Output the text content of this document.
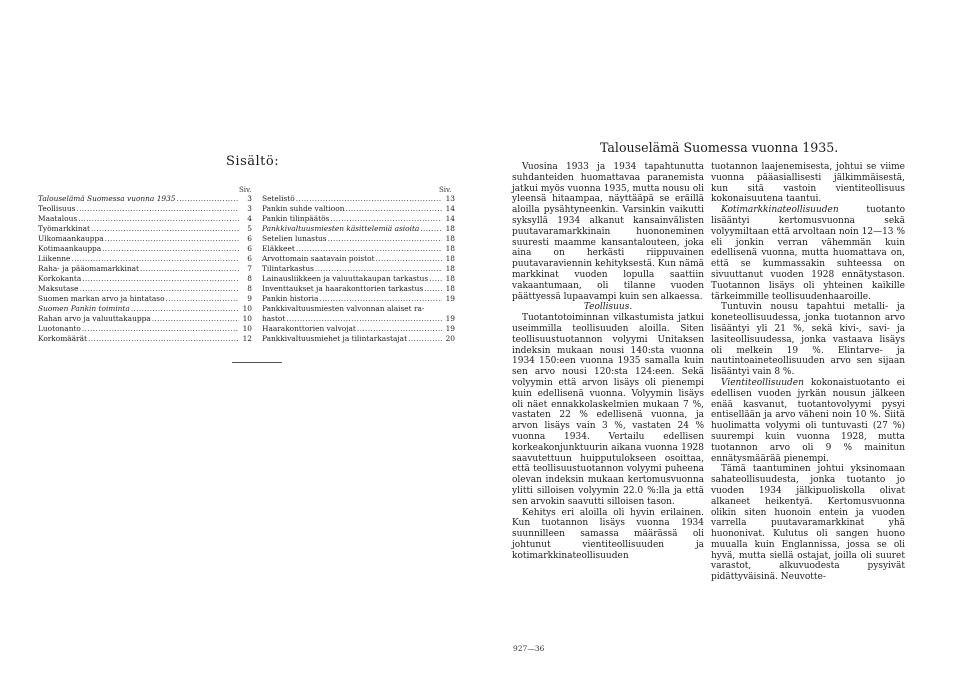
Sisältö:
Siv.	Siv.
Talouselämä Suomessa vuonna 1935 . . .	3
Teollisuus . . .	3
Maatalous . . .	4
Työmarkkinat . . .	5
Ulkomaankauppa . . .	6
Kotimaankauppa . . .	6
Liikenne . . .	6
Raha- ja pääomamarkkinat . . .	7
Korkokanta . . .	8
Maksutase . . .	8
Suomen markan arvo ja hintataso . . .	9
Suomen Pankin toiminta . . .	10
Rahan arvo ja valuuttakauppa . . .	10
Luotonanto . . .	10
Korkomäärät . . .	12
Setelistö . . .	13
Pankin suhde valtioon . . .	14
Pankin tilinpäätös . . .	14
Pankkivaltuusmiesten käsittelemiä asioita . . .	18
Setelien lunastus . . .	18
Eläkkeet . . .	18
Arvottomain saatavain poistot . . .	18
Tilintarkastus . . .	18
Lainausliikkeen ja valuuttakaupan tarkastus . . .	18
Inventtaukset ja haarakonttorien tarkastus . . .	18
Pankin historia . . .	19
Pankkivaltuusmiesten valvonnan alaiset ra-
hastot . . .	19
Haarakonttorien valvojat . . .	19
Pankkivaltuusmiehet ja tilintarkastajat . . .	20
Talouselämä Suomessa vuonna 1935.

Vuosina 1933 ja 1934 tapahtunutta suhdanteiden huomattavaa paranemista jatkui myös vuonna 1935, mutta nousu oli yleensä hitaampaa, näyttääpä se eräillä aloilla pysähtyneenkin. Varsinkin vaikutti syksyllä 1934 alkanut kansainvälisten puutavaramarkkinain huononeminen suuresti maamme kansantalouteen, joka aina on herkästi riippuvainen puutavaraviennin kehityksestä. Kun nämä markkinat vuoden lopulla saattiin vakaantumaan, oli tilanne vuoden päättyessä lupaavampi kuin sen alkaessa.

Teollisuus.

Tuotantotoiminnan vilkastumista jatkui useimmilla teollisuuden aloilla. Siten teollisuustuotannon volyymi Unitaksen indeksin mukaan nousi 140:sta vuonna 1934 150:een vuonna 1935 samalla kuin sen arvo nousi 120:sta 124:een. Sekä volyymin että arvon lisäys oli pienempi kuin edellisenä vuonna. Volyymin lisäys oli näet ennakkolaskelmien mukaan 7 %, vastaten 22 % edellisenä vuonna, ja arvon lisäys vain 3 %, vastaten 24 % vuonna 1934. Vertailu edellisen korkeakonjunktuurin aikana vuonna 1928 saavutettuun huipputulokseen osoittaa, että teollisuustuotannon volyymi puheena olevan indeksin mukaan kertomusvuonna ylitti silloisen volyymin 22.0 %:lla ja että sen arvokin saavutti silloisen tason.

Kehitys eri aloilla oli hyvin erilainen. Kun tuotannon lisäys vuonna 1934 suunnilleen samassa määrässä oli johtunut vientiteollisuuden ja kotimarkkinateollisuuden

tuotannon laajenemisesta, johtui se viime vuonna pääasiallisesti jälkimmäisestä, kun sitä vastoin vientiteollisuus kokonaisuutena taantui.

Kotimarkkinateollisuuden	tuotanto lisääntyi kertomusvuonna sekä volyymiltaan että arvoltaan noin 12—13 % eli jonkin verran vähemmän kuin edellisenä vuonna, mutta huomattava on, että se kummassakin suhteessa on sivuuttanut vuoden 1928 ennätystason. Tuotannon lisäys oli yhteinen kaikille tärkeimmille teollisuudenhaaroille.

Tuntuvin nousu tapahtui metalli- ja koneteollisuudessa, jonka tuotannon arvo lisääntyi yli 21 %, sekä kivi-, savi- ja lasiteollisuudessa, jonka vastaava lisäys oli melkein 19 %. Elintarve- ja nautintoaineteollisuuden arvo sen sijaan lisääntyi vain 8 %.

Vientiteollisuuden kokonaistuotanto ei edellisen vuoden jyrkän nousun jälkeen enää kasvanut, tuotantovolyymi pysyi entisellään ja arvo väheni noin 10 %. Siitä huolimatta volyymi oli tuntuvasti (27 %) suurempi kuin vuonna 1928, mutta tuotannon arvo oli 9 % mainitun ennätysmäärää pienempi.

Tämä taantuminen johtui yksinomaan sahateollisuudesta, jonka tuotanto jo vuoden 1934 jälkipuoliskolla olivat alkaneet heikentyä. Kertomusvuonna olikin siten huonoin entein ja vuoden varrella puutavaramarkkinat yhä huononivat. Kulutus oli sangen huono muualla kuin Englannissa, jossa se oli hyvä, mutta siellä ostajat, joilla oli suuret varastot, alkuvuodesta pysyivät pidättyväisinä. Neuvotte-

927—36
